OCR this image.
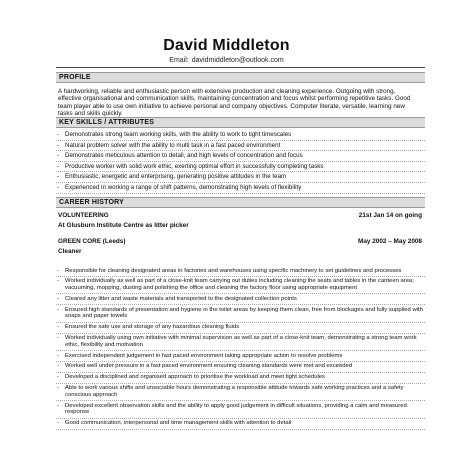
David Middleton
Email: davidmiddleton@outlook.com
PROFILE
A hardworking, reliable and enthusiastic person with extensive production and cleaning experience. Outgoing with strong, effective organisational and communication skills, maintaining concentration and focus whilst performing repetitive tasks. Good team player able to use own initiative to achieve personal and company objectives. Computer literate, versatile, learning new tasks and skills quickly.
KEY SKILLS / ATTRIBUTES
- Demonstrates strong team working skills, with the ability to work to tight timescales
- Natural problem solver with the ability to multi task in a fast paced environment
- Demonstrates meticulous attention to detail, and high levels of concentration and focus
- Productive worker with solid work ethic, exerting optimal effort in successfully completing tasks
- Enthusiastic, energetic and enterprising, generating positive attitudes in the team
- Experienced in working a range of shift patterns, demonstrating high levels of flexibility
CAREER HISTORY
VOLUNTEERING	21st Jan 14 on going
At Glusburn Institute Centre as litter picker
GREEN CORE (Leeds)	May 2002 – May 2008
Cleaner
- Responsible for cleaning designated areas in factories and warehouses using specific machinery to set guidelines and processes
- Worked individually as well as part of a close-knit team carrying out duties including cleaning the seats and tables in the canteen area; vacuuming, mopping, dusting and polishing the office and cleaning the factory floor using appropriate equipment
- Cleared any litter and waste materials and transported to the designated collection points
- Ensured high standards of presentation and hygiene in the toilet areas by keeping them clean, free from blockages and fully supplied with soaps and paper towels
- Ensured the safe use and storage of any hazardous cleaning fluids
- Worked individually using own initiative with minimal supervision as well as part of a close-knit team, demonstrating a strong team work ethic, flexibility and motivation
- Exercised independent judgement in fast paced environment taking appropriate action to resolve problems
- Worked well under pressure in a fast paced environment ensuring cleaning standards were met and exceeded
- Developed a disciplined and organised approach to prioritise the workload and meet tight schedules
- Able to work various shifts and unsociable hours demonstrating a responsible attitude towards safe working practices and a safety conscious approach
- Developed excellent observation skills and the ability to apply good judgement in difficult situations, providing a calm and measured response
- Good communication, interpersonal and time management skills with attention to detail
